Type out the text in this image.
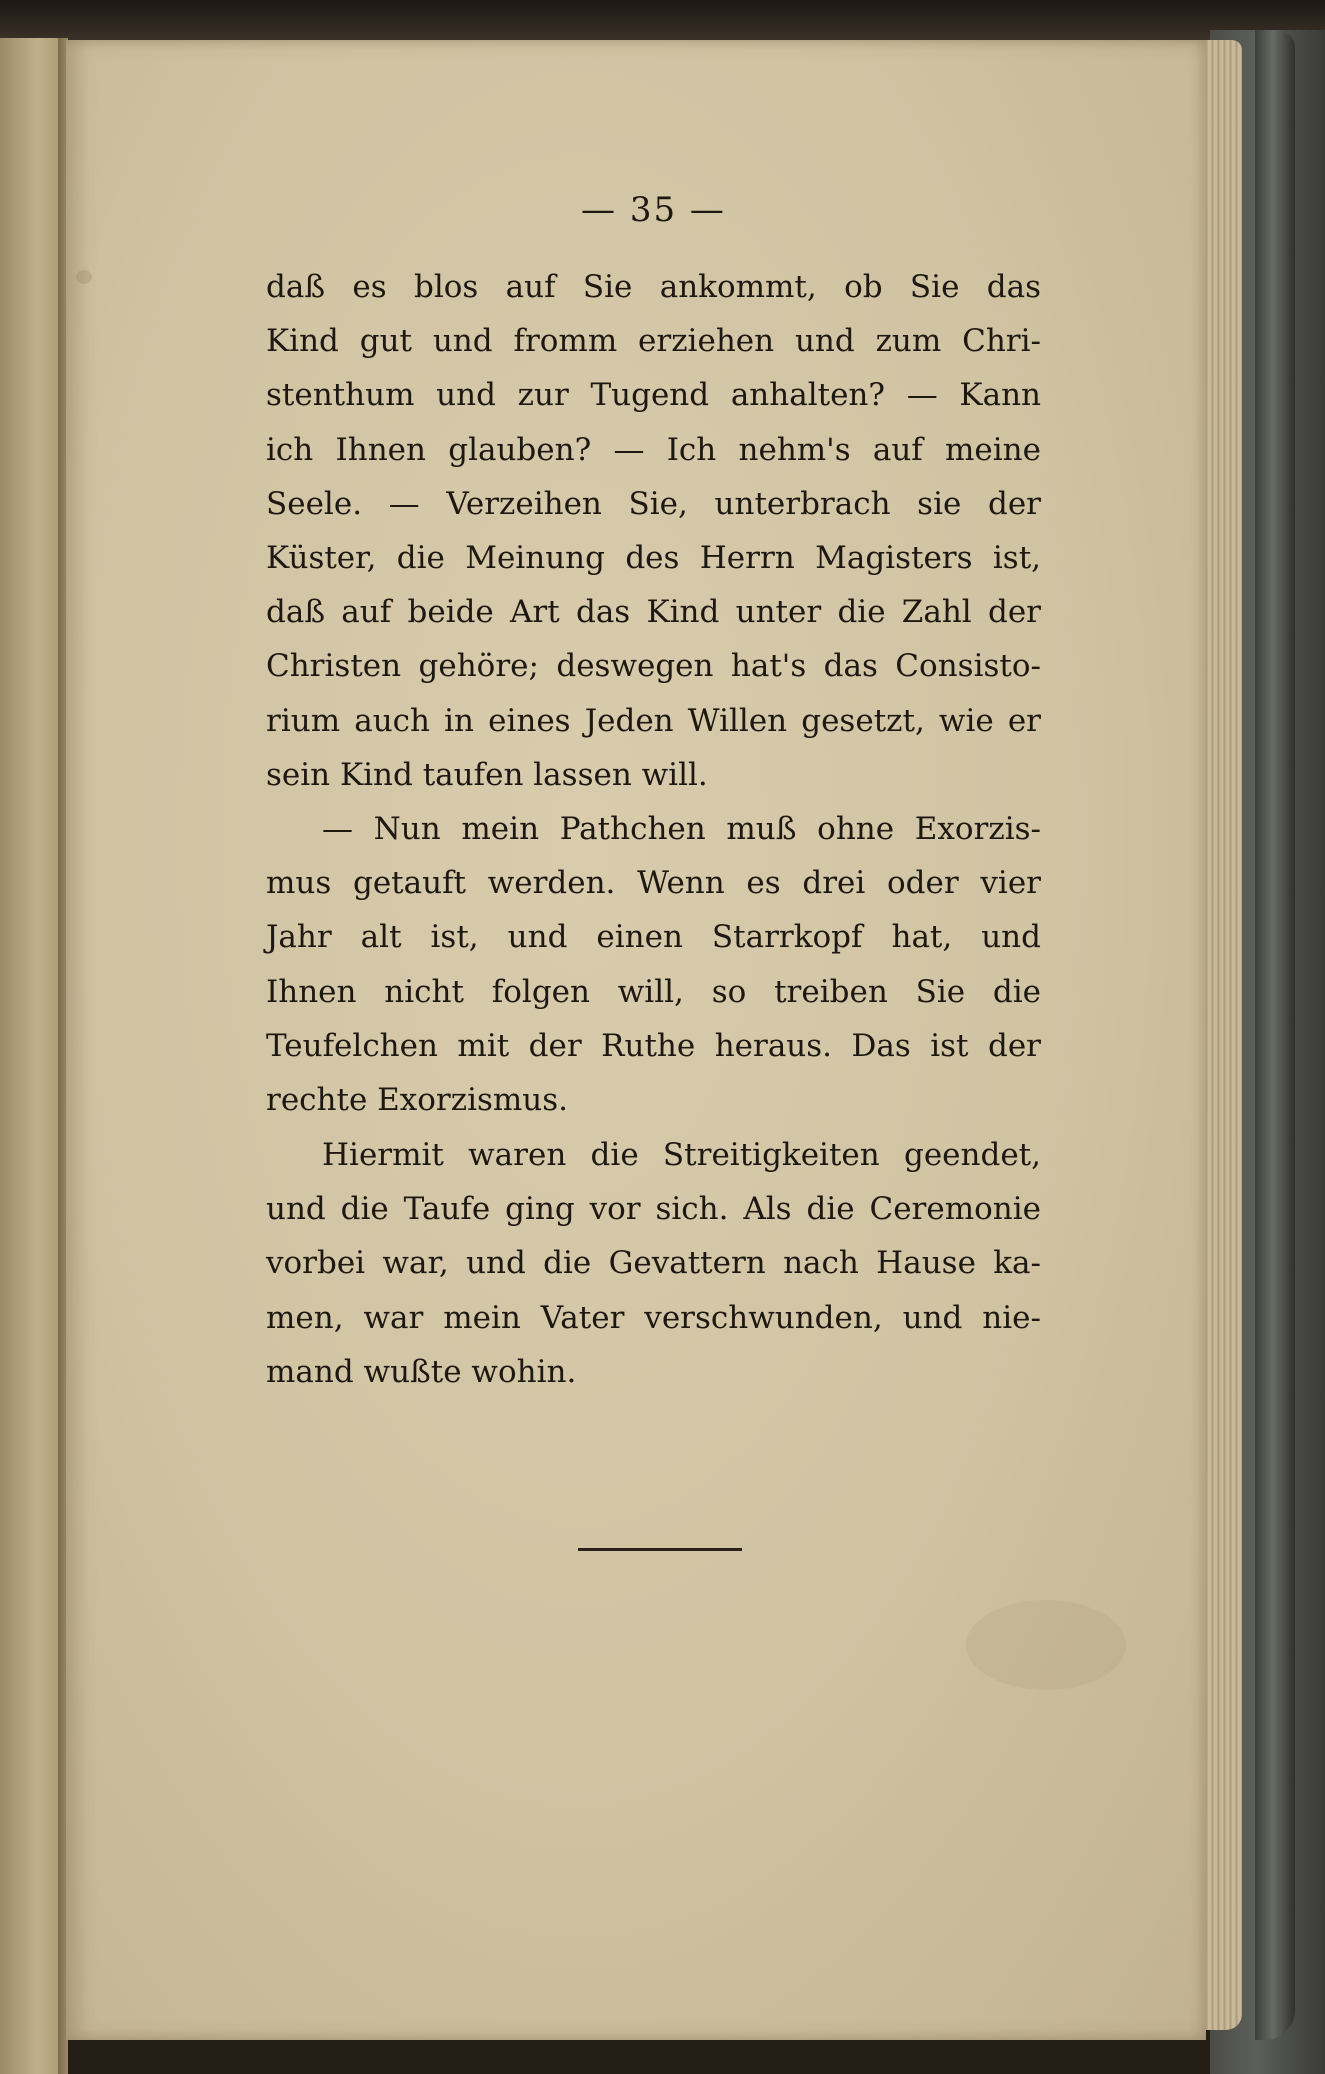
— 35 —
daß es blos auf Sie ankommt, ob Sie das
Kind gut und fromm erziehen und zum Chri-
stenthum und zur Tugend anhalten? — Kann
ich Ihnen glauben? — Ich nehm's auf meine
Seele. — Verzeihen Sie, unterbrach sie der
Küster, die Meinung des Herrn Magisters ist,
daß auf beide Art das Kind unter die Zahl der
Christen gehöre; deswegen hat's das Consisto-
rium auch in eines Jeden Willen gesetzt, wie er
sein Kind taufen lassen will.
— Nun mein Pathchen muß ohne Exorzis-
mus getauft werden. Wenn es drei oder vier
Jahr alt ist, und einen Starrkopf hat, und
Ihnen nicht folgen will, so treiben Sie die
Teufelchen mit der Ruthe heraus. Das ist der
rechte Exorzismus.
Hiermit waren die Streitigkeiten geendet,
und die Taufe ging vor sich. Als die Ceremonie
vorbei war, und die Gevattern nach Hause ka-
men, war mein Vater verschwunden, und nie-
mand wußte wohin.
